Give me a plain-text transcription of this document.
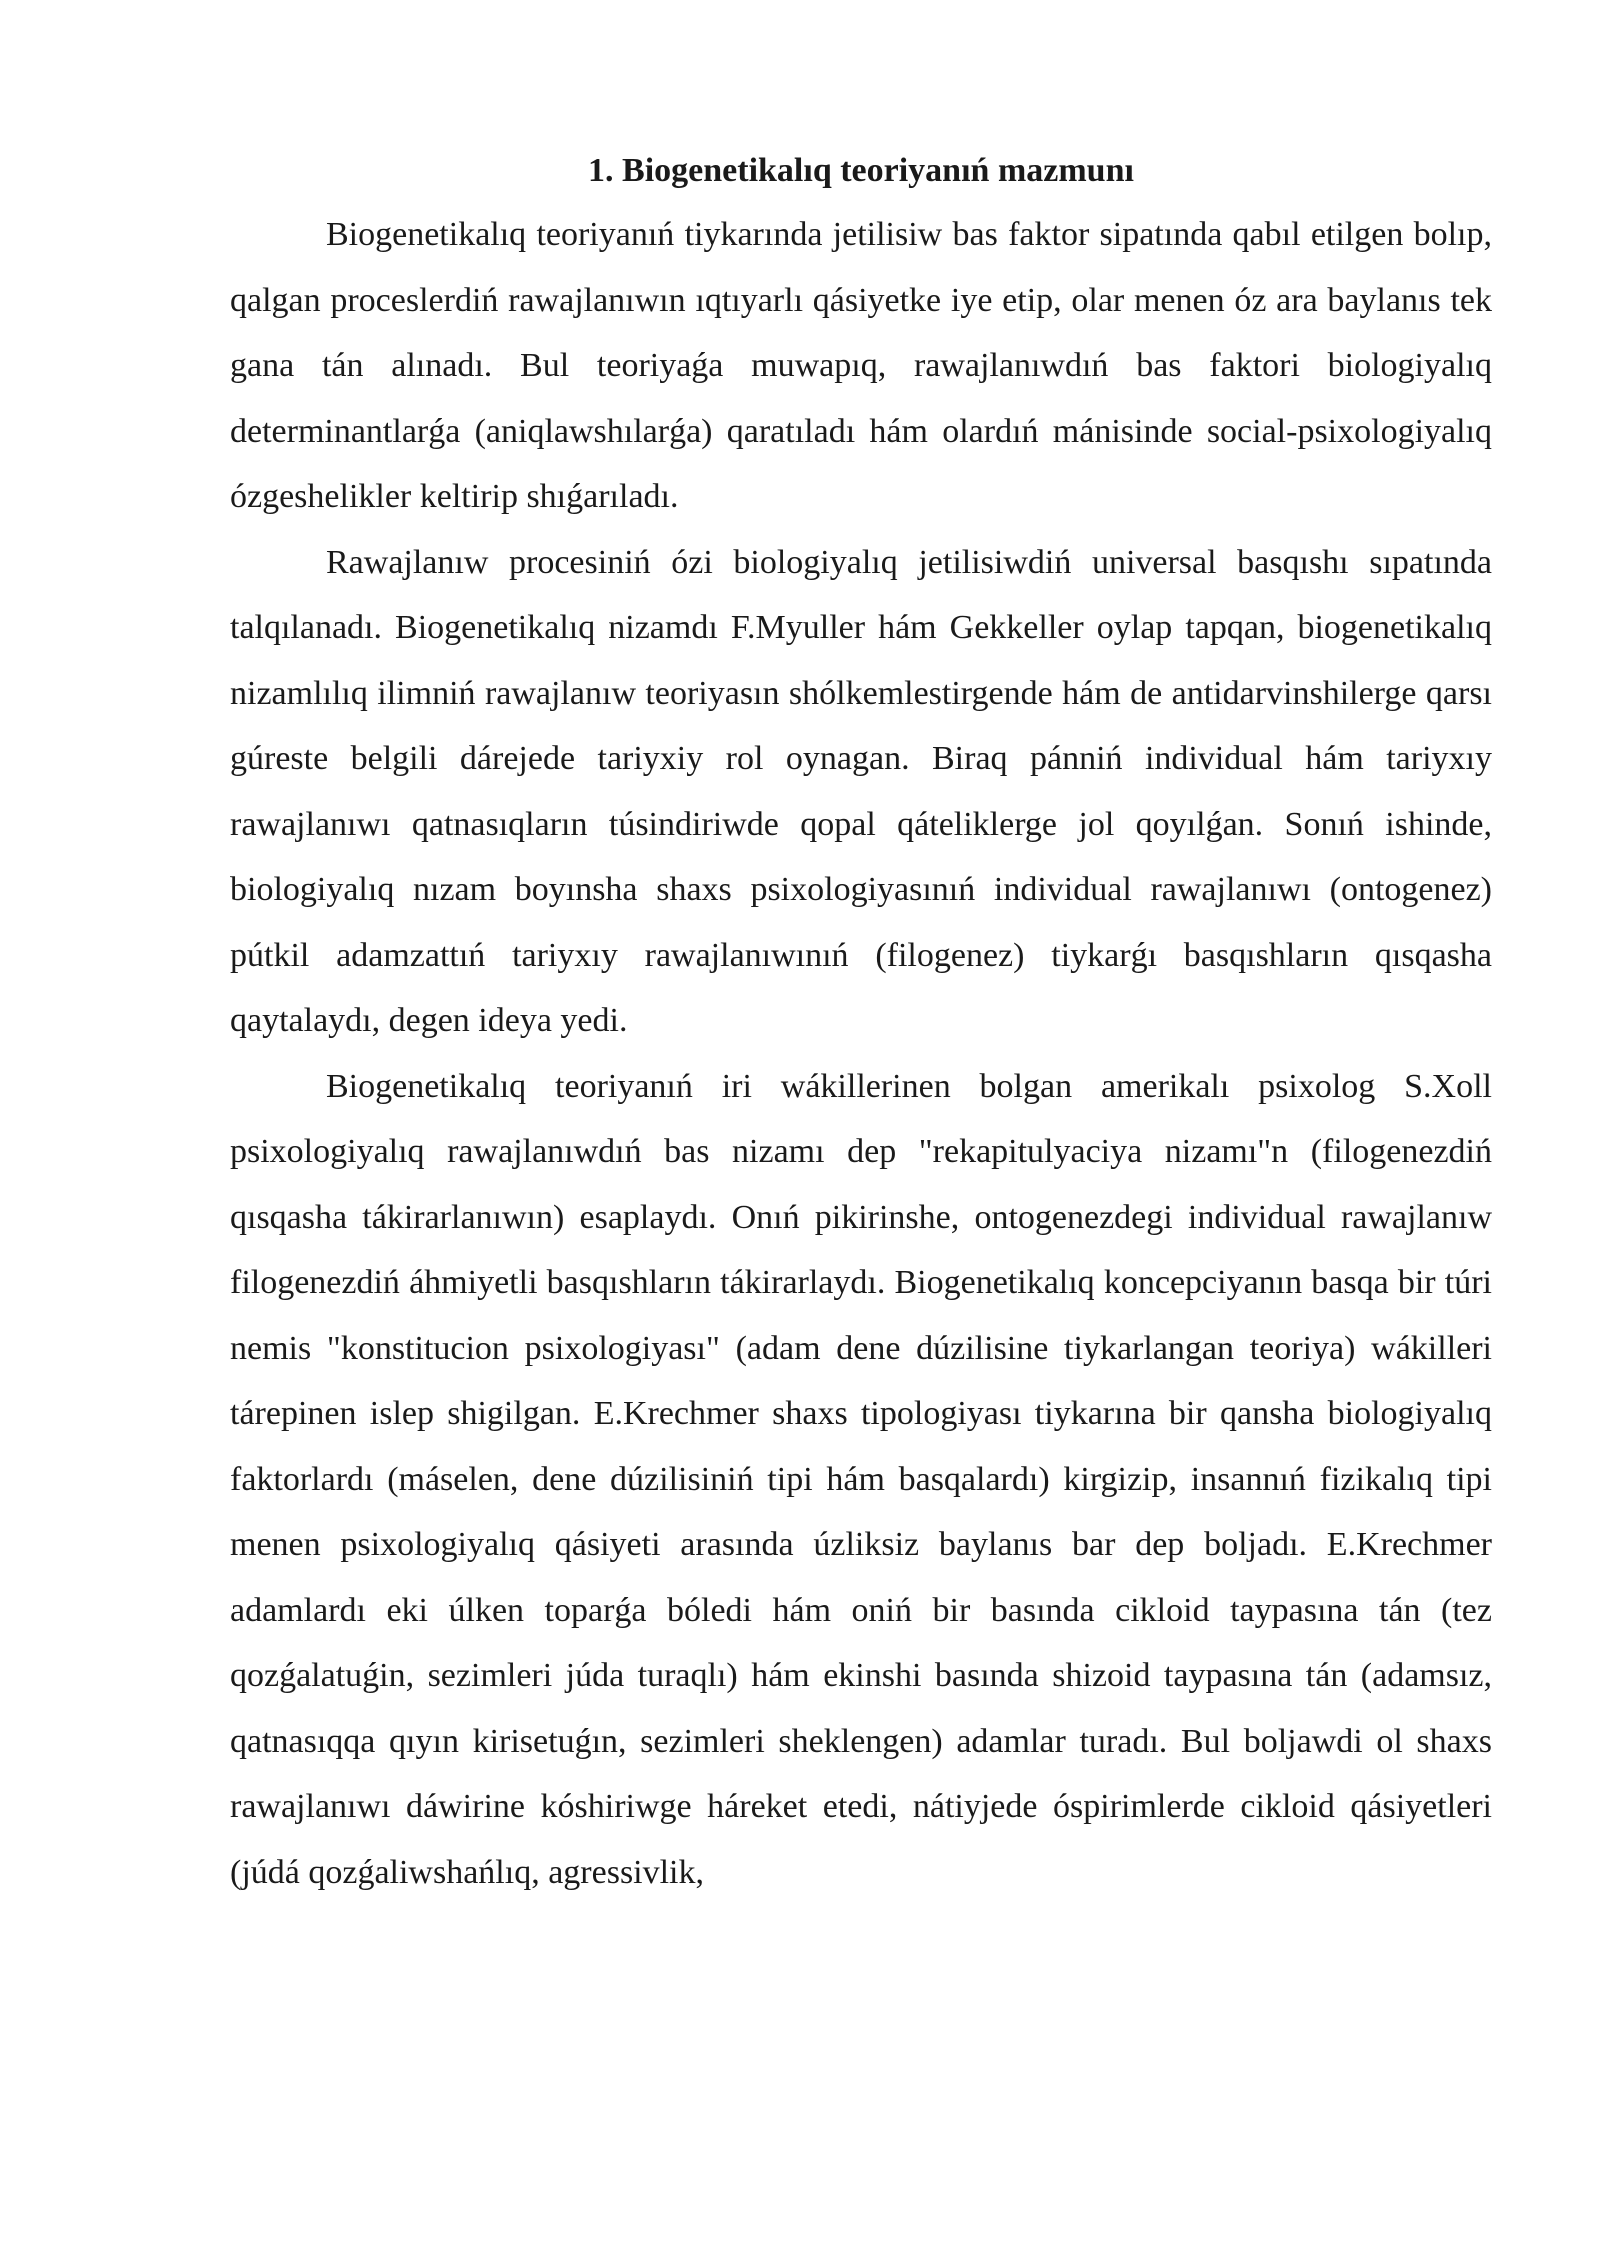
1. Biogenetikalıq teoriyanıń mazmunı

Biogenetikalıq teoriyanıń tiykarında jetilisiw bas faktor sipatında qabıl etilgen bolıp, qalgan proceslerdiń rawajlanıwın ıqtıyarlı qásiyetke iye etip, olar menen óz ara baylanıs tek gana tán alınadı. Bul teoriyaǵa muwapıq, rawajlanıwdıń bas faktori biologiyalıq determinantlarǵa (aniqlawshılarǵa) qaratıladı hám olardıń mánisinde social-psixologiyalıq ózgeshelikler keltirip shıǵarıladı.

Rawajlanıw procesiniń ózi biologiyalıq jetilisiwdiń universal basqıshı sıpatında talqılanadı. Biogenetikalıq nizamdı F.Myuller hám Gekkeller oylap tapqan, biogenetikalıq nizamlılıq ilimniń rawajlanıw teoriyasın shólkemlestirgende hám de antidarvinshilerge qarsı gúreste belgili dárejede tariyxiy rol oynagan. Biraq pánniń individual hám tariyxıy rawajlanıwı qatnasıqların túsindiriwde qopal qáteliklerge jol qoyılǵan. Sonıń ishinde, biologiyalıq nızam boyınsha shaxs psixologiyasınıń individual rawajlanıwı (ontogenez) pútkil adamzattıń tariyxıy rawajlanıwınıń (filogenez) tiykarǵı basqıshların qısqasha qaytalaydı, degen ideya yedi.

Biogenetikalıq teoriyanıń iri wákillerinen bolgan amerikalı psixolog S.Xoll psixologiyalıq rawajlanıwdıń bas nizamı dep "rekapitulyaciya nizamı"n (filogenezdiń qısqasha tákirarlanıwın) esaplaydı. Onıń pikirinshe, ontogenezdegi individual rawajlanıw filogenezdiń áhmiyetli basqıshların tákirarlaydı. Biogenetikalıq koncepciyanın basqa bir túri nemis "konstitucion psixologiyası" (adam dene dúzilisine tiykarlangan teoriya) wákilleri tárepinen islep shigilgan. E.Krechmer shaxs tipologiyası tiykarına bir qansha biologiyalıq faktorlardı (máselen, dene dúzilisiniń tipi hám basqalardı) kirgizip, insannıń fizikalıq tipi menen psixologiyalıq qásiyeti arasında úzliksiz baylanıs bar dep boljadı. E.Krechmer adamlardı eki úlken toparǵa bóledi hám oniń bir basında cikloid taypasına tán (tez qozǵalatuǵin, sezimleri júda turaqlı) hám ekinshi basında shizoid taypasına tán (adamsız, qatnasıqqa qıyın kirisetuǵın, sezimleri sheklengen) adamlar turadı. Bul boljawdi ol shaxs rawajlanıwı dáwirine kóshiriwge háreket etedi, nátiyjede óspirimlerde cikloid qásiyetleri (júdá qozǵaliwshańlıq, agressivlik,
